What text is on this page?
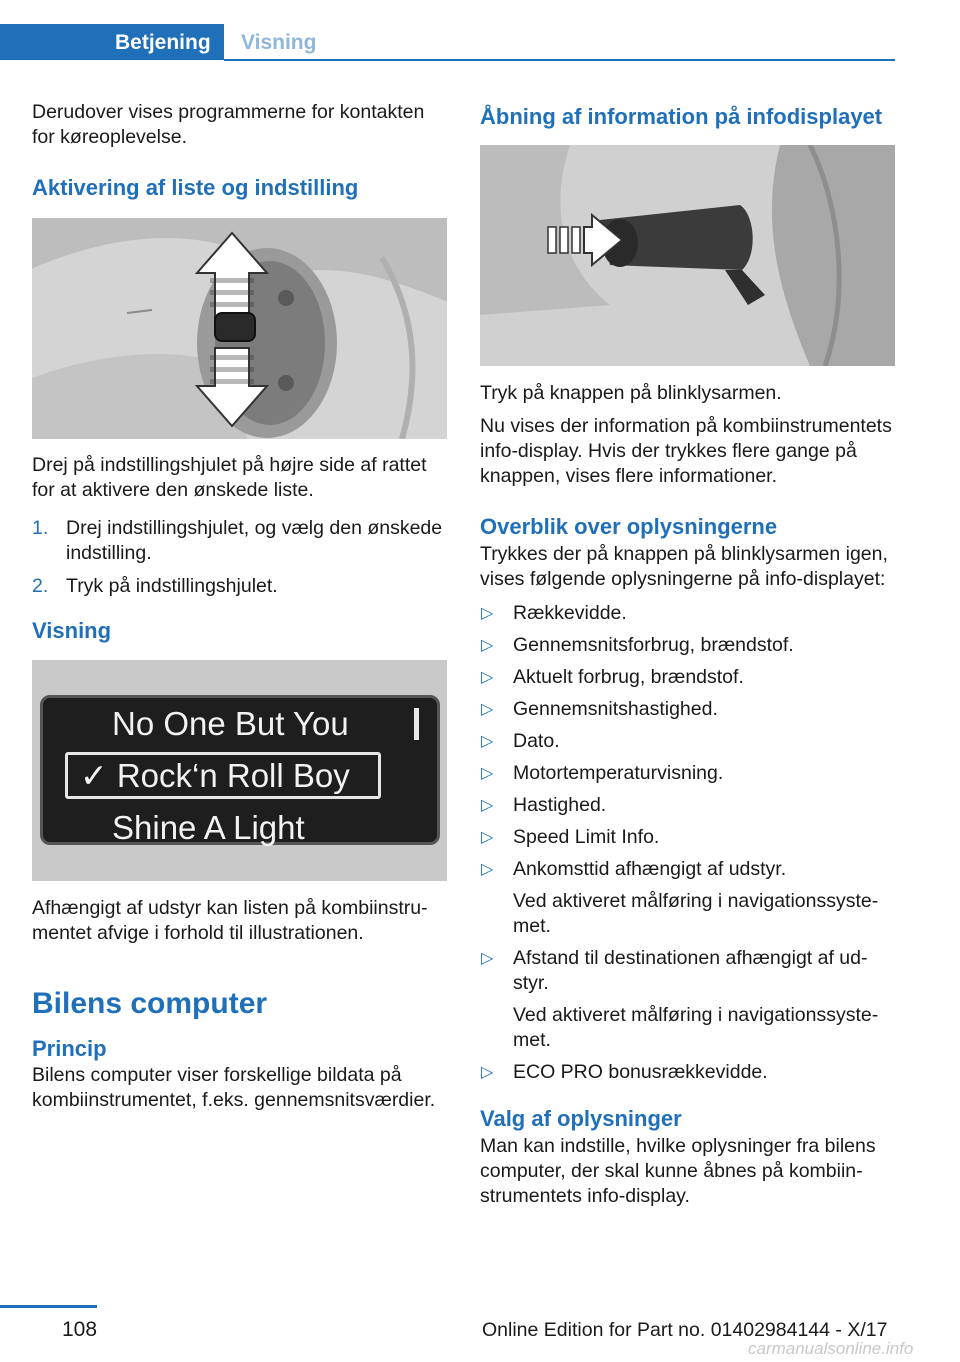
Betjening	Visning

Derudover vises programmerne for kontakten for køreoplevelse.

Aktivering af liste og indstilling

Drej på indstillingshjulet på højre side af rattet for at aktivere den ønskede liste.

1. Drej indstillingshjulet, og vælg den ønskede indstilling.
2. Tryk på indstillingshjulet.
Visning
No One But You
✓ Rock‘n Roll Boy
Shine A Light

Afhængigt af udstyr kan listen på kombiinstrumentet afvige i forhold til illustrationen.

Bilens computer
Princip

Bilens computer viser forskellige bildata på kombiinstrumentet, f.eks. gennemsnitsværdier.

Åbning af information på infodisplayet

Tryk på knappen på blinklysarmen.

Nu vises der information på kombiinstrumentets info-display. Hvis der trykkes flere gange på knappen, vises flere informationer.

Overblik over oplysningerne

Trykkes der på knappen på blinklysarmen igen, vises følgende oplysningerne på info-displayet:

▷ Rækkevidde.
▷ Gennemsnitsforbrug, brændstof.
▷ Aktuelt forbrug, brændstof.
▷ Gennemsnitshastighed.
▷ Dato.
▷ Motortemperaturvisning.
▷ Hastighed.
▷ Speed Limit Info.
▷ Ankomsttid afhængigt af udstyr.
Ved aktiveret målføring i navigationssystemet.
▷ Afstand til destinationen afhængigt af udstyr.
Ved aktiveret målføring i navigationssystemet.
▷ ECO PRO bonusrækkevidde.
Valg af oplysninger

Man kan indstille, hvilke oplysninger fra bilens computer, der skal kunne åbnes på kombiinstrumentets info-display.

108	Online Edition for Part no. 01402984144 - X/17
carmanualsonline.info
